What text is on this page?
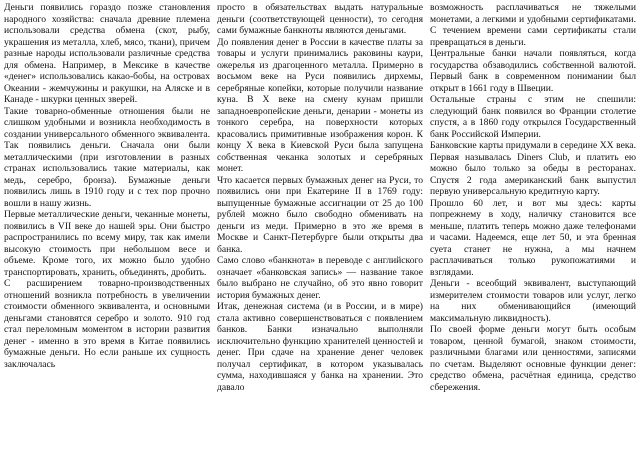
Деньги появились гораздо позже становления народного хозяйства: сначала древние племена использовали средства обмена (скот, рыбу, украшения из металла, хлеб, мясо, ткани), причем разные народы использовали различные средства для обмена. Например, в Мексике в качестве «денег» использовались какао-бобы, на островах Океании - жемчужины и ракушки, на Аляске и в Канаде - шкурки ценных зверей.

Такие товарно-обменные отношения были не слишком удобными и возникла необходимость в создании универсального обменного эквивалента. Так появились деньги. Сначала они были металлическими (при изготовлении в разных странах использовались такие материалы, как медь, серебро, бронза). Бумажные деньги появились лишь в 1910 году и с тех пор прочно вошли в нашу жизнь.

Первые металлические деньги, чеканные монеты, появились в VII веке до нашей эры. Они быстро распространились по всему миру, так как имели высокую стоимость при небольшом весе и объеме. Кроме того, их можно было удобно транспортировать, хранить, объединять, дробить.

С расширением товарно-производственных отношений возникла потребность в увеличении стоимости обменного эквивалента, и основными деньгами становятся серебро и золото. 910 год стал переломным моментом в истории развития денег - именно в это время в Китае появились бумажные деньги. Но если раньше их сущность заключалась

просто в обязательствах выдать натуральные деньги (соответствующей ценности), то сегодня сами бумажные банкноты являются деньгами.

До появления денег в России в качестве платы за товары и услуги принимались раковины каури, ожерелья из драгоценного металла. Примерно в восьмом веке на Руси появились дирхемы, серебряные копейки, которые получили название куна. В X веке на смену кунам пришли западноевропейские деньги, денарии - монеты из тонкого серебра, на поверхности которых красовались примитивные изображения корон. К концу X века в Киевской Руси была запущена собственная чеканка золотых и серебряных монет.

Что касается первых бумажных денег на Руси, то появились они при Екатерине II в 1769 году: выпущенные бумажные ассигнации от 25 до 100 рублей можно было свободно обменивать на деньги из меди. Примерно в это же время в Москве и Санкт-Петербурге были открыты два банка.

Само слово «банкнота» в переводе с английского означает «банковская запись» — название такое было выбрано не случайно, об это явно говорит история бумажных денег.

Итак, денежная система (и в России, и в мире) стала активно совершенствоваться с появлением банков. Банки изначально выполняли исключительно функцию хранителей ценностей и денег. При сдаче на хранение денег человек получал сертификат, в котором указывалась сумма, находившаяся у банка на хранении. Это давало

возможность расплачиваться не тяжелыми монетами, а легкими и удобными сертификатами. С течением времени сами сертификаты стали превращаться в деньги.

Центральные банки начали появляться, когда государства обзаводились собственной валютой. Первый банк в современном понимании был открыт в 1661 году в Швеции.

Остальные страны с этим не спешили: следующий банк появился во Франции столетие спустя, а в 1860 году открылся Государственный банк Российской Империи.

Банковские карты придумали в середине XX века. Первая называлась Diners Club, и платить ею можно было только за обеды в ресторанах. Спустя 2 года американский банк выпустил первую универсальную кредитную карту.

Прошло 60 лет, и вот мы здесь: карты попрежнему в ходу, наличку становится все меньше, платить теперь можно даже телефонами и часами. Надеемся, еще лет 50, и эта бренная суета станет не нужна, а мы начнем расплачиваться только рукопожатиями и взглядами.

Деньги - всеобщий эквивалент, выступающий измерителем стоимости товаров или услуг, легко на них обменивающийся (имеющий максимальную ликвидность).

По своей форме деньги могут быть особым товаром, ценной бумагой, знаком стоимости, различными благами или ценностями, записями по счетам. Выделяют основные функции денег: средство обмена, расчётная единица, средство сбережения.
